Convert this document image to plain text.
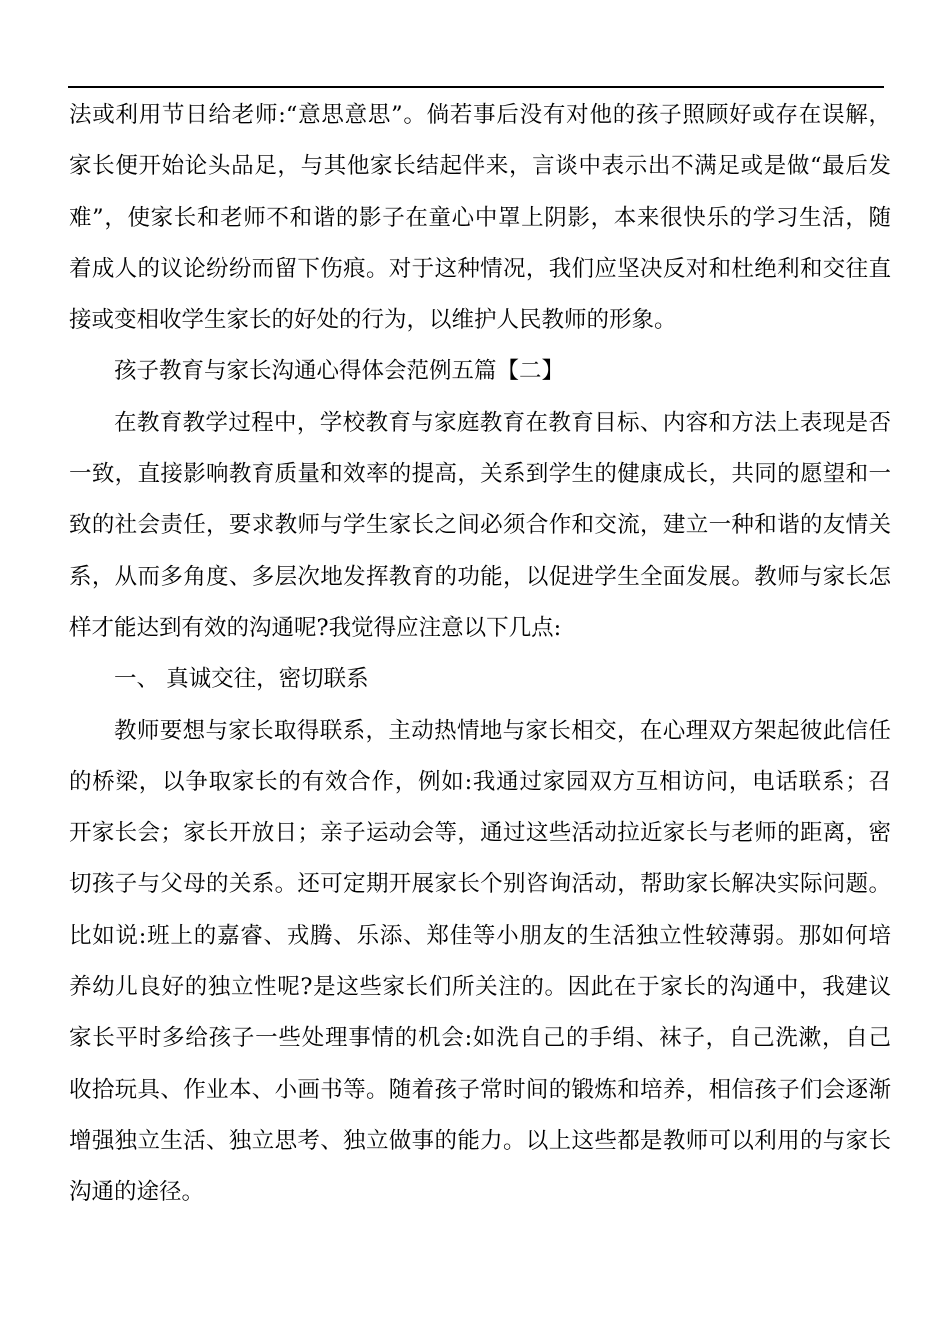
法或利用节日给老师:“意思意思”。倘若事后没有对他的孩子照顾好或存在误解，
家长便开始论头品足，与其他家长结起伴来，言谈中表示出不满足或是做“最后发
难”，使家长和老师不和谐的影子在童心中罩上阴影，本来很快乐的学习生活，随
着成人的议论纷纷而留下伤痕。对于这种情况，我们应坚决反对和杜绝利和交往直
接或变相收学生家长的好处的行为，以维护人民教师的形象。
孩子教育与家长沟通心得体会范例五篇【二】
在教育教学过程中，学校教育与家庭教育在教育目标、内容和方法上表现是否
一致，直接影响教育质量和效率的提高，关系到学生的健康成长，共同的愿望和一
致的社会责任，要求教师与学生家长之间必须合作和交流，建立一种和谐的友情关
系，从而多角度、多层次地发挥教育的功能，以促进学生全面发展。教师与家长怎
样才能达到有效的沟通呢?我觉得应注意以下几点:
一、 真诚交往，密切联系
教师要想与家长取得联系，主动热情地与家长相交，在心理双方架起彼此信任
的桥梁，以争取家长的有效合作，例如:我通过家园双方互相访问，电话联系；召
开家长会；家长开放日；亲子运动会等，通过这些活动拉近家长与老师的距离，密
切孩子与父母的关系。还可定期开展家长个别咨询活动，帮助家长解决实际问题。
比如说:班上的嘉睿、戎腾、乐添、郑佳等小朋友的生活独立性较薄弱。那如何培
养幼儿良好的独立性呢?是这些家长们所关注的。因此在于家长的沟通中，我建议
家长平时多给孩子一些处理事情的机会:如洗自己的手绢、袜子，自己洗漱，自己
收拾玩具、作业本、小画书等。随着孩子常时间的锻炼和培养，相信孩子们会逐渐
增强独立生活、独立思考、独立做事的能力。以上这些都是教师可以利用的与家长
沟通的途径。
